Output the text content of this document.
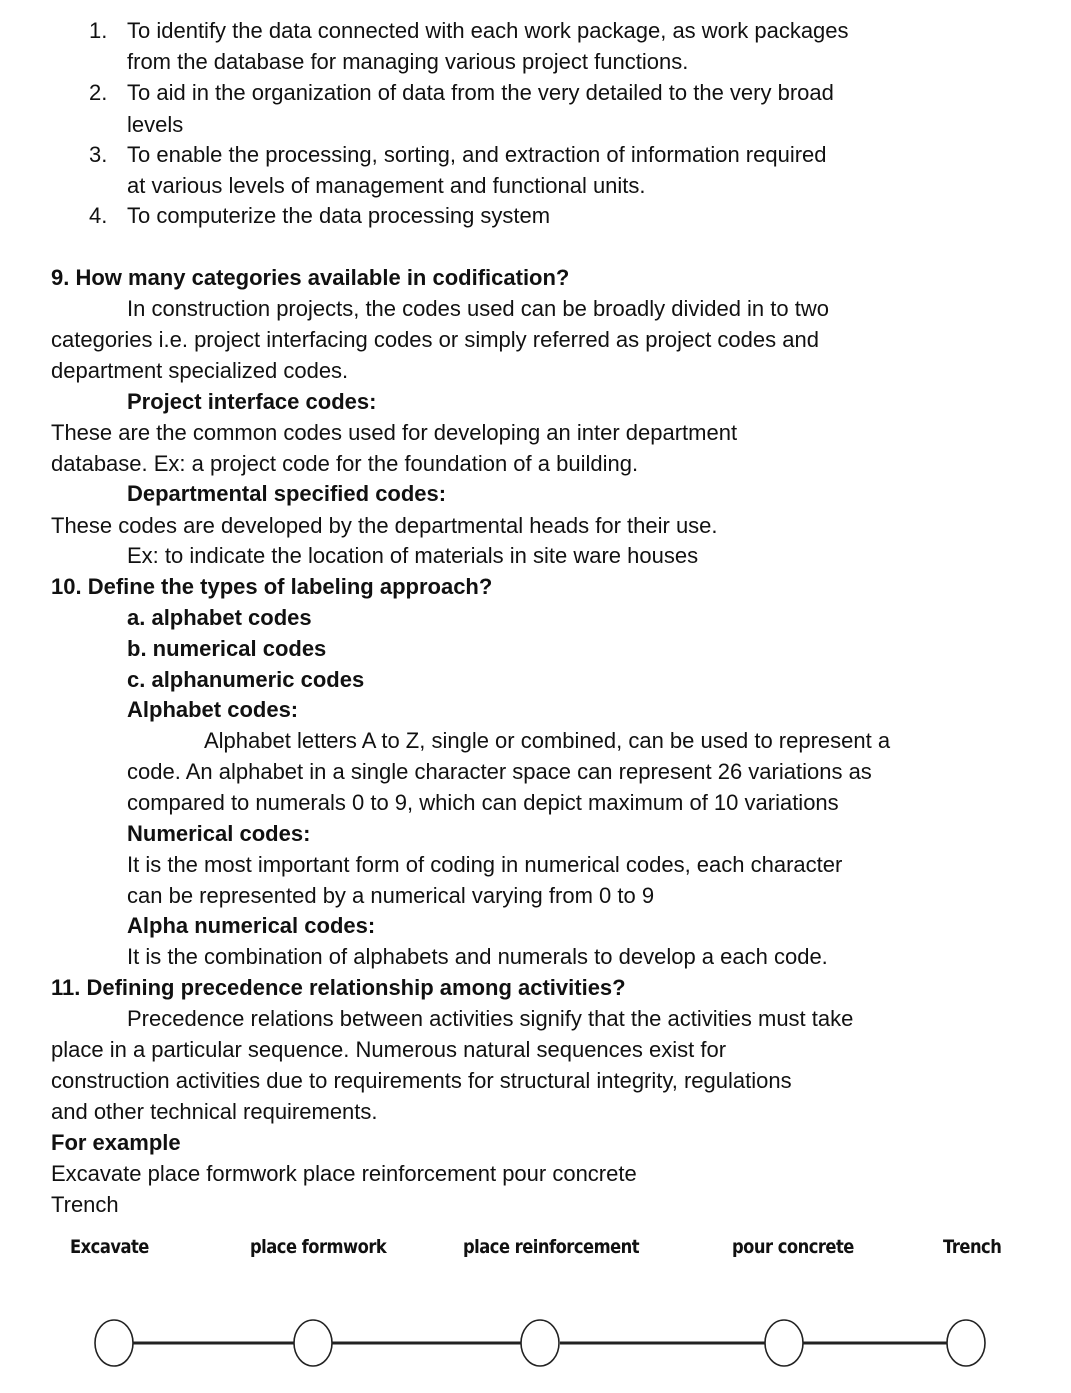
1. To identify the data connected with each work package, as work packages
from the database for managing various project functions.
2. To aid in the organization of data from the very detailed to the very broad
levels
3. To enable the processing, sorting, and extraction of information required
at various levels of management and functional units.
4. To computerize the data processing system
9. How many categories available in codification?
In construction projects, the codes used can be broadly divided in to two
categories i.e. project interfacing codes or simply referred as project codes and
department specialized codes.
Project interface codes:
These are the common codes used for developing an inter department
database. Ex: a project code for the foundation of a building.
Departmental specified codes:
These codes are developed by the departmental heads for their use.
Ex: to indicate the location of materials in site ware houses
10. Define the types of labeling approach?
a. alphabet codes
b. numerical codes
c. alphanumeric codes
Alphabet codes:
Alphabet letters A to Z, single or combined, can be used to represent a
code. An alphabet in a single character space can represent 26 variations as
compared to numerals 0 to 9, which can depict maximum of 10 variations
Numerical codes:
It is the most important form of coding in numerical codes, each character
can be represented by a numerical varying from 0 to 9
Alpha numerical codes:
It is the combination of alphabets and numerals to develop a each code.
11. Defining precedence relationship among activities?
Precedence relations between activities signify that the activities must take
place in a particular sequence. Numerous natural sequences exist for
construction activities due to requirements for structural integrity, regulations
and other technical requirements.
For example
Excavate place formwork place reinforcement pour concrete
Trench
Excavate	place formwork	place reinforcement	pour concrete	Trench
